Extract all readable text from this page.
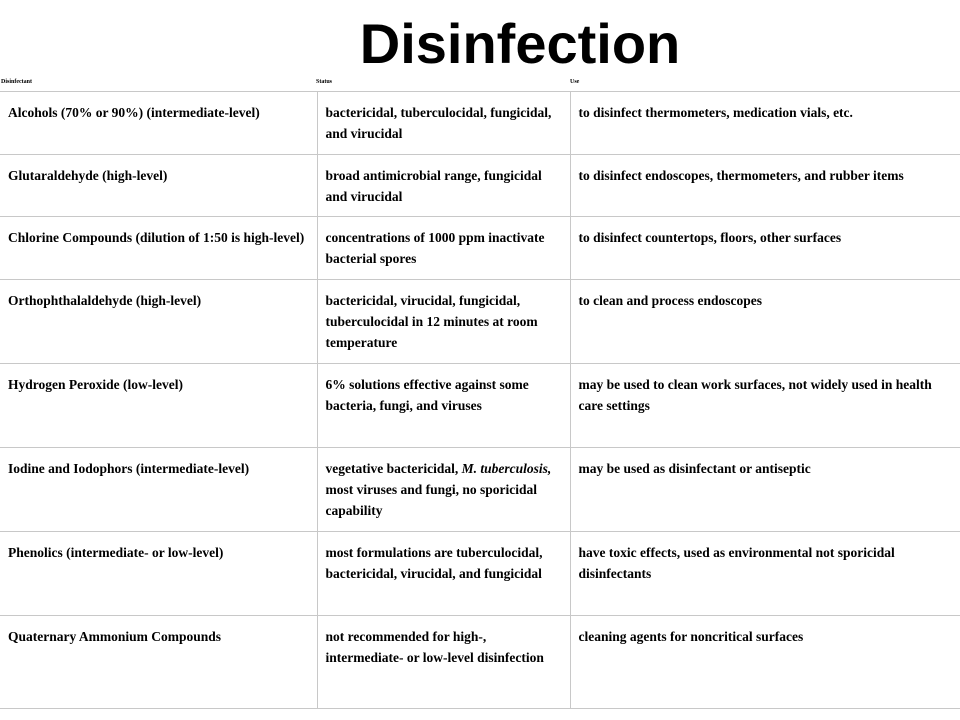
Disinfection
Disinfectant	Status	Use
Alcohols (70% or 90%) (intermediate-level)	bactericidal, tuberculocidal, fungicidal, and virucidal	to disinfect thermometers, medication vials, etc.
Glutaraldehyde (high-level)	broad antimicrobial range, fungicidal and virucidal	to disinfect endoscopes, thermometers, and rubber items
Chlorine Compounds (dilution of 1:50 is high-level)	concentrations of 1000 ppm inactivate bacterial spores	to disinfect countertops, floors, other surfaces
Orthophthalaldehyde (high-level)	bactericidal, virucidal, fungicidal, tuberculocidal in 12 minutes at room temperature	to clean and process endoscopes
Hydrogen Peroxide (low-level)	6% solutions effective against some bacteria, fungi, and viruses	may be used to clean work surfaces, not widely used in health care settings
Iodine and Iodophors (intermediate-level)	vegetative bactericidal, M. tuberculosis, most viruses and fungi, no sporicidal capability	may be used as disinfectant or antiseptic
Phenolics (intermediate- or low-level)	most formulations are tuberculocidal, bactericidal, virucidal, and fungicidal	have toxic effects, used as environmental not sporicidal disinfectants
Quaternary Ammonium Compounds	not recommended for high-, intermediate- or low-level disinfection	cleaning agents for noncritical surfaces
